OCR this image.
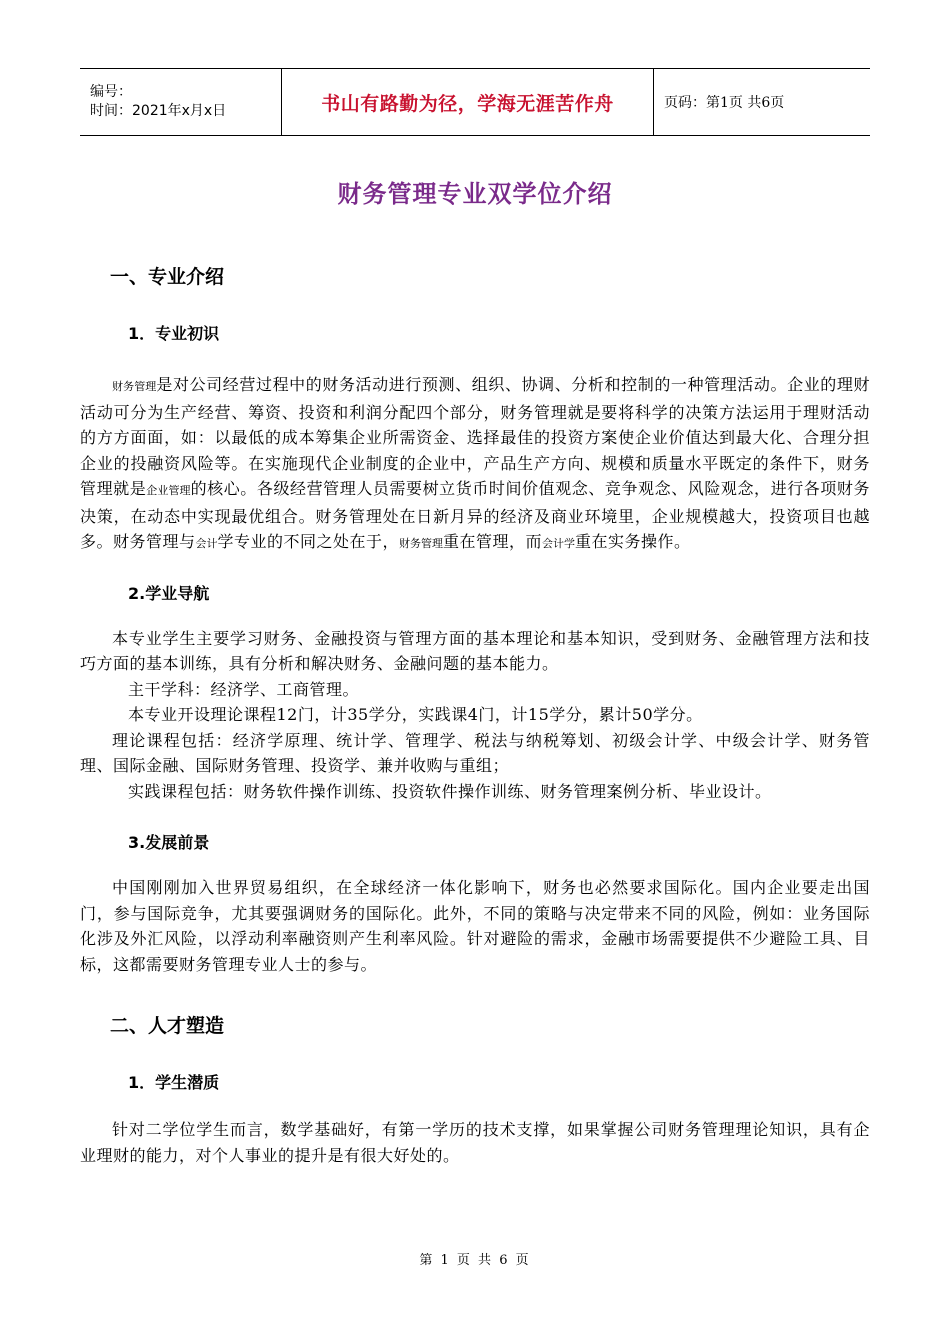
编号：
时间：2021年x月x日	书山有路勤为径，学海无涯苦作舟	页码：第1页 共6页
财务管理专业双学位介绍
一、专业介绍
1．专业初识

财务管理是对公司经营过程中的财务活动进行预测、组织、协调、分析和控制的一种管理活动。企业的理财活动可分为生产经营、筹资、投资和利润分配四个部分，财务管理就是要将科学的决策方法运用于理财活动的方方面面，如：以最低的成本筹集企业所需资金、选择最佳的投资方案使企业价值达到最大化、合理分担企业的投融资风险等。在实施现代企业制度的企业中，产品生产方向、规模和质量水平既定的条件下，财务管理就是企业管理的核心。各级经营管理人员需要树立货币时间价值观念、竞争观念、风险观念，进行各项财务决策，在动态中实现最优组合。财务管理处在日新月异的经济及商业环境里，企业规模越大，投资项目也越多。财务管理与会计学专业的不同之处在于，财务管理重在管理，而会计学重在实务操作。

2.学业导航

本专业学生主要学习财务、金融投资与管理方面的基本理论和基本知识，受到财务、金融管理方法和技巧方面的基本训练，具有分析和解决财务、金融问题的基本能力。

主干学科：经济学、工商管理。
本专业开设理论课程12门，计35学分，实践课4门，计15学分，累计50学分。

理论课程包括：经济学原理、统计学、管理学、税法与纳税筹划、初级会计学、中级会计学、财务管理、国际金融、国际财务管理、投资学、兼并收购与重组；

实践课程包括：财务软件操作训练、投资软件操作训练、财务管理案例分析、毕业设计。
3.发展前景

中国刚刚加入世界贸易组织，在全球经济一体化影响下，财务也必然要求国际化。国内企业要走出国门，参与国际竞争，尤其要强调财务的国际化。此外，不同的策略与决定带来不同的风险，例如：业务国际化涉及外汇风险，以浮动利率融资则产生利率风险。针对避险的需求，金融市场需要提供不少避险工具、目标，这都需要财务管理专业人士的参与。

二、人才塑造
1．学生潜质

针对二学位学生而言，数学基础好，有第一学历的技术支撑，如果掌握公司财务管理理论知识，具有企业理财的能力，对个人事业的提升是有很大好处的。

第 1 页 共 6 页
